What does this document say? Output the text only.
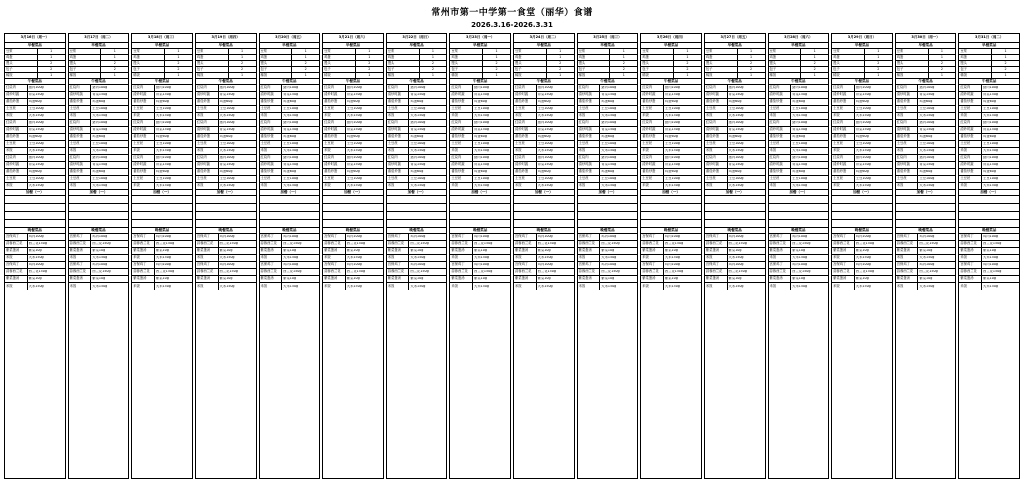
常州市第一中学第一食堂（丽华）食谱
2026.3.16-2026.3.31
3月16日（周一）
早餐菜品
豆浆	1
鸡蛋	1
馒头	2
包子	2
稀饭	1
午餐菜品
红烧肉	猪肉100g
清炒时蔬	青菜150g
番茄炒蛋	鸡蛋60g
土豆丝	土豆100g
米饭	大米150g
红烧肉	猪肉100g
清炒时蔬	青菜150g
番茄炒蛋	鸡蛋60g
土豆丝	土豆100g
米饭	大米150g
红烧肉	猪肉100g
清炒时蔬	青菜150g
番茄炒蛋	鸡蛋60g
土豆丝	土豆100g
米饭	大米150g
加餐（一）
晚餐菜品
宫保鸡丁	鸡肉100g
蒜蓉西兰花	西兰花150g
紫菜蛋汤	紫菜10g
米饭	大米150g
宫保鸡丁	鸡肉100g
蒜蓉西兰花	西兰花150g
紫菜蛋汤	紫菜10g
米饭	大米150g
3月17日（周二）
早餐菜品
豆浆	1
鸡蛋	1
馒头	2
包子	2
稀饭	1
午餐菜品
红烧肉	猪肉100g
清炒时蔬	青菜150g
番茄炒蛋	鸡蛋60g
土豆丝	土豆100g
米饭	大米150g
红烧肉	猪肉100g
清炒时蔬	青菜150g
番茄炒蛋	鸡蛋60g
土豆丝	土豆100g
米饭	大米150g
红烧肉	猪肉100g
清炒时蔬	青菜150g
番茄炒蛋	鸡蛋60g
土豆丝	土豆100g
米饭	大米150g
加餐（一）
晚餐菜品
宫保鸡丁	鸡肉100g
蒜蓉西兰花	西兰花150g
紫菜蛋汤	紫菜10g
米饭	大米150g
宫保鸡丁	鸡肉100g
蒜蓉西兰花	西兰花150g
紫菜蛋汤	紫菜10g
米饭	大米150g
3月18日（周三）
早餐菜品
豆浆	1
鸡蛋	1
馒头	2
包子	2
稀饭	1
午餐菜品
红烧肉	猪肉100g
清炒时蔬	青菜150g
番茄炒蛋	鸡蛋60g
土豆丝	土豆100g
米饭	大米150g
红烧肉	猪肉100g
清炒时蔬	青菜150g
番茄炒蛋	鸡蛋60g
土豆丝	土豆100g
米饭	大米150g
红烧肉	猪肉100g
清炒时蔬	青菜150g
番茄炒蛋	鸡蛋60g
土豆丝	土豆100g
米饭	大米150g
加餐（一）
晚餐菜品
宫保鸡丁	鸡肉100g
蒜蓉西兰花	西兰花150g
紫菜蛋汤	紫菜10g
米饭	大米150g
宫保鸡丁	鸡肉100g
蒜蓉西兰花	西兰花150g
紫菜蛋汤	紫菜10g
米饭	大米150g
3月19日（周四）
早餐菜品
豆浆	1
鸡蛋	1
馒头	2
包子	2
稀饭	1
午餐菜品
红烧肉	猪肉100g
清炒时蔬	青菜150g
番茄炒蛋	鸡蛋60g
土豆丝	土豆100g
米饭	大米150g
红烧肉	猪肉100g
清炒时蔬	青菜150g
番茄炒蛋	鸡蛋60g
土豆丝	土豆100g
米饭	大米150g
红烧肉	猪肉100g
清炒时蔬	青菜150g
番茄炒蛋	鸡蛋60g
土豆丝	土豆100g
米饭	大米150g
加餐（一）
晚餐菜品
宫保鸡丁	鸡肉100g
蒜蓉西兰花	西兰花150g
紫菜蛋汤	紫菜10g
米饭	大米150g
宫保鸡丁	鸡肉100g
蒜蓉西兰花	西兰花150g
紫菜蛋汤	紫菜10g
米饭	大米150g
3月20日（周五）
早餐菜品
豆浆	1
鸡蛋	1
馒头	2
包子	2
稀饭	1
午餐菜品
红烧肉	猪肉100g
清炒时蔬	青菜150g
番茄炒蛋	鸡蛋60g
土豆丝	土豆100g
米饭	大米150g
红烧肉	猪肉100g
清炒时蔬	青菜150g
番茄炒蛋	鸡蛋60g
土豆丝	土豆100g
米饭	大米150g
红烧肉	猪肉100g
清炒时蔬	青菜150g
番茄炒蛋	鸡蛋60g
土豆丝	土豆100g
米饭	大米150g
加餐（一）
晚餐菜品
宫保鸡丁	鸡肉100g
蒜蓉西兰花	西兰花150g
紫菜蛋汤	紫菜10g
米饭	大米150g
宫保鸡丁	鸡肉100g
蒜蓉西兰花	西兰花150g
紫菜蛋汤	紫菜10g
米饭	大米150g
3月21日（周六）
早餐菜品
豆浆	1
鸡蛋	1
馒头	2
包子	2
稀饭	1
午餐菜品
红烧肉	猪肉100g
清炒时蔬	青菜150g
番茄炒蛋	鸡蛋60g
土豆丝	土豆100g
米饭	大米150g
红烧肉	猪肉100g
清炒时蔬	青菜150g
番茄炒蛋	鸡蛋60g
土豆丝	土豆100g
米饭	大米150g
红烧肉	猪肉100g
清炒时蔬	青菜150g
番茄炒蛋	鸡蛋60g
土豆丝	土豆100g
米饭	大米150g
加餐（一）
晚餐菜品
宫保鸡丁	鸡肉100g
蒜蓉西兰花	西兰花150g
紫菜蛋汤	紫菜10g
米饭	大米150g
宫保鸡丁	鸡肉100g
蒜蓉西兰花	西兰花150g
紫菜蛋汤	紫菜10g
米饭	大米150g
3月22日（周日）
早餐菜品
豆浆	1
鸡蛋	1
馒头	2
包子	2
稀饭	1
午餐菜品
红烧肉	猪肉100g
清炒时蔬	青菜150g
番茄炒蛋	鸡蛋60g
土豆丝	土豆100g
米饭	大米150g
红烧肉	猪肉100g
清炒时蔬	青菜150g
番茄炒蛋	鸡蛋60g
土豆丝	土豆100g
米饭	大米150g
红烧肉	猪肉100g
清炒时蔬	青菜150g
番茄炒蛋	鸡蛋60g
土豆丝	土豆100g
米饭	大米150g
加餐（一）
晚餐菜品
宫保鸡丁	鸡肉100g
蒜蓉西兰花	西兰花150g
紫菜蛋汤	紫菜10g
米饭	大米150g
宫保鸡丁	鸡肉100g
蒜蓉西兰花	西兰花150g
紫菜蛋汤	紫菜10g
米饭	大米150g
3月23日（周一）
早餐菜品
豆浆	1
鸡蛋	1
馒头	2
包子	2
稀饭	1
午餐菜品
红烧肉	猪肉100g
清炒时蔬	青菜150g
番茄炒蛋	鸡蛋60g
土豆丝	土豆100g
米饭	大米150g
红烧肉	猪肉100g
清炒时蔬	青菜150g
番茄炒蛋	鸡蛋60g
土豆丝	土豆100g
米饭	大米150g
红烧肉	猪肉100g
清炒时蔬	青菜150g
番茄炒蛋	鸡蛋60g
土豆丝	土豆100g
米饭	大米150g
加餐（一）
晚餐菜品
宫保鸡丁	鸡肉100g
蒜蓉西兰花	西兰花150g
紫菜蛋汤	紫菜10g
米饭	大米150g
宫保鸡丁	鸡肉100g
蒜蓉西兰花	西兰花150g
紫菜蛋汤	紫菜10g
米饭	大米150g
3月24日（周二）
早餐菜品
豆浆	1
鸡蛋	1
馒头	2
包子	2
稀饭	1
午餐菜品
红烧肉	猪肉100g
清炒时蔬	青菜150g
番茄炒蛋	鸡蛋60g
土豆丝	土豆100g
米饭	大米150g
红烧肉	猪肉100g
清炒时蔬	青菜150g
番茄炒蛋	鸡蛋60g
土豆丝	土豆100g
米饭	大米150g
红烧肉	猪肉100g
清炒时蔬	青菜150g
番茄炒蛋	鸡蛋60g
土豆丝	土豆100g
米饭	大米150g
加餐（一）
晚餐菜品
宫保鸡丁	鸡肉100g
蒜蓉西兰花	西兰花150g
紫菜蛋汤	紫菜10g
米饭	大米150g
宫保鸡丁	鸡肉100g
蒜蓉西兰花	西兰花150g
紫菜蛋汤	紫菜10g
米饭	大米150g
3月25日（周三）
早餐菜品
豆浆	1
鸡蛋	1
馒头	2
包子	2
稀饭	1
午餐菜品
红烧肉	猪肉100g
清炒时蔬	青菜150g
番茄炒蛋	鸡蛋60g
土豆丝	土豆100g
米饭	大米150g
红烧肉	猪肉100g
清炒时蔬	青菜150g
番茄炒蛋	鸡蛋60g
土豆丝	土豆100g
米饭	大米150g
红烧肉	猪肉100g
清炒时蔬	青菜150g
番茄炒蛋	鸡蛋60g
土豆丝	土豆100g
米饭	大米150g
加餐（一）
晚餐菜品
宫保鸡丁	鸡肉100g
蒜蓉西兰花	西兰花150g
紫菜蛋汤	紫菜10g
米饭	大米150g
宫保鸡丁	鸡肉100g
蒜蓉西兰花	西兰花150g
紫菜蛋汤	紫菜10g
米饭	大米150g
3月26日（周四）
早餐菜品
豆浆	1
鸡蛋	1
馒头	2
包子	2
稀饭	1
午餐菜品
红烧肉	猪肉100g
清炒时蔬	青菜150g
番茄炒蛋	鸡蛋60g
土豆丝	土豆100g
米饭	大米150g
红烧肉	猪肉100g
清炒时蔬	青菜150g
番茄炒蛋	鸡蛋60g
土豆丝	土豆100g
米饭	大米150g
红烧肉	猪肉100g
清炒时蔬	青菜150g
番茄炒蛋	鸡蛋60g
土豆丝	土豆100g
米饭	大米150g
加餐（一）
晚餐菜品
宫保鸡丁	鸡肉100g
蒜蓉西兰花	西兰花150g
紫菜蛋汤	紫菜10g
米饭	大米150g
宫保鸡丁	鸡肉100g
蒜蓉西兰花	西兰花150g
紫菜蛋汤	紫菜10g
米饭	大米150g
3月27日（周五）
早餐菜品
豆浆	1
鸡蛋	1
馒头	2
包子	2
稀饭	1
午餐菜品
红烧肉	猪肉100g
清炒时蔬	青菜150g
番茄炒蛋	鸡蛋60g
土豆丝	土豆100g
米饭	大米150g
红烧肉	猪肉100g
清炒时蔬	青菜150g
番茄炒蛋	鸡蛋60g
土豆丝	土豆100g
米饭	大米150g
红烧肉	猪肉100g
清炒时蔬	青菜150g
番茄炒蛋	鸡蛋60g
土豆丝	土豆100g
米饭	大米150g
加餐（一）
晚餐菜品
宫保鸡丁	鸡肉100g
蒜蓉西兰花	西兰花150g
紫菜蛋汤	紫菜10g
米饭	大米150g
宫保鸡丁	鸡肉100g
蒜蓉西兰花	西兰花150g
紫菜蛋汤	紫菜10g
米饭	大米150g
3月28日（周六）
早餐菜品
豆浆	1
鸡蛋	1
馒头	2
包子	2
稀饭	1
午餐菜品
红烧肉	猪肉100g
清炒时蔬	青菜150g
番茄炒蛋	鸡蛋60g
土豆丝	土豆100g
米饭	大米150g
红烧肉	猪肉100g
清炒时蔬	青菜150g
番茄炒蛋	鸡蛋60g
土豆丝	土豆100g
米饭	大米150g
红烧肉	猪肉100g
清炒时蔬	青菜150g
番茄炒蛋	鸡蛋60g
土豆丝	土豆100g
米饭	大米150g
加餐（一）
晚餐菜品
宫保鸡丁	鸡肉100g
蒜蓉西兰花	西兰花150g
紫菜蛋汤	紫菜10g
米饭	大米150g
宫保鸡丁	鸡肉100g
蒜蓉西兰花	西兰花150g
紫菜蛋汤	紫菜10g
米饭	大米150g
3月29日（周日）
早餐菜品
豆浆	1
鸡蛋	1
馒头	2
包子	2
稀饭	1
午餐菜品
红烧肉	猪肉100g
清炒时蔬	青菜150g
番茄炒蛋	鸡蛋60g
土豆丝	土豆100g
米饭	大米150g
红烧肉	猪肉100g
清炒时蔬	青菜150g
番茄炒蛋	鸡蛋60g
土豆丝	土豆100g
米饭	大米150g
红烧肉	猪肉100g
清炒时蔬	青菜150g
番茄炒蛋	鸡蛋60g
土豆丝	土豆100g
米饭	大米150g
加餐（一）
晚餐菜品
宫保鸡丁	鸡肉100g
蒜蓉西兰花	西兰花150g
紫菜蛋汤	紫菜10g
米饭	大米150g
宫保鸡丁	鸡肉100g
蒜蓉西兰花	西兰花150g
紫菜蛋汤	紫菜10g
米饭	大米150g
3月30日（周一）
早餐菜品
豆浆	1
鸡蛋	1
馒头	2
包子	2
稀饭	1
午餐菜品
红烧肉	猪肉100g
清炒时蔬	青菜150g
番茄炒蛋	鸡蛋60g
土豆丝	土豆100g
米饭	大米150g
红烧肉	猪肉100g
清炒时蔬	青菜150g
番茄炒蛋	鸡蛋60g
土豆丝	土豆100g
米饭	大米150g
红烧肉	猪肉100g
清炒时蔬	青菜150g
番茄炒蛋	鸡蛋60g
土豆丝	土豆100g
米饭	大米150g
加餐（一）
晚餐菜品
宫保鸡丁	鸡肉100g
蒜蓉西兰花	西兰花150g
紫菜蛋汤	紫菜10g
米饭	大米150g
宫保鸡丁	鸡肉100g
蒜蓉西兰花	西兰花150g
紫菜蛋汤	紫菜10g
米饭	大米150g
3月31日（周二）
早餐菜品
豆浆	1
鸡蛋	1
馒头	2
包子	2
稀饭	1
午餐菜品
红烧肉	猪肉100g
清炒时蔬	青菜150g
番茄炒蛋	鸡蛋60g
土豆丝	土豆100g
米饭	大米150g
红烧肉	猪肉100g
清炒时蔬	青菜150g
番茄炒蛋	鸡蛋60g
土豆丝	土豆100g
米饭	大米150g
红烧肉	猪肉100g
清炒时蔬	青菜150g
番茄炒蛋	鸡蛋60g
土豆丝	土豆100g
米饭	大米150g
加餐（一）
晚餐菜品
宫保鸡丁	鸡肉100g
蒜蓉西兰花	西兰花150g
紫菜蛋汤	紫菜10g
米饭	大米150g
宫保鸡丁	鸡肉100g
蒜蓉西兰花	西兰花150g
紫菜蛋汤	紫菜10g
米饭	大米150g
